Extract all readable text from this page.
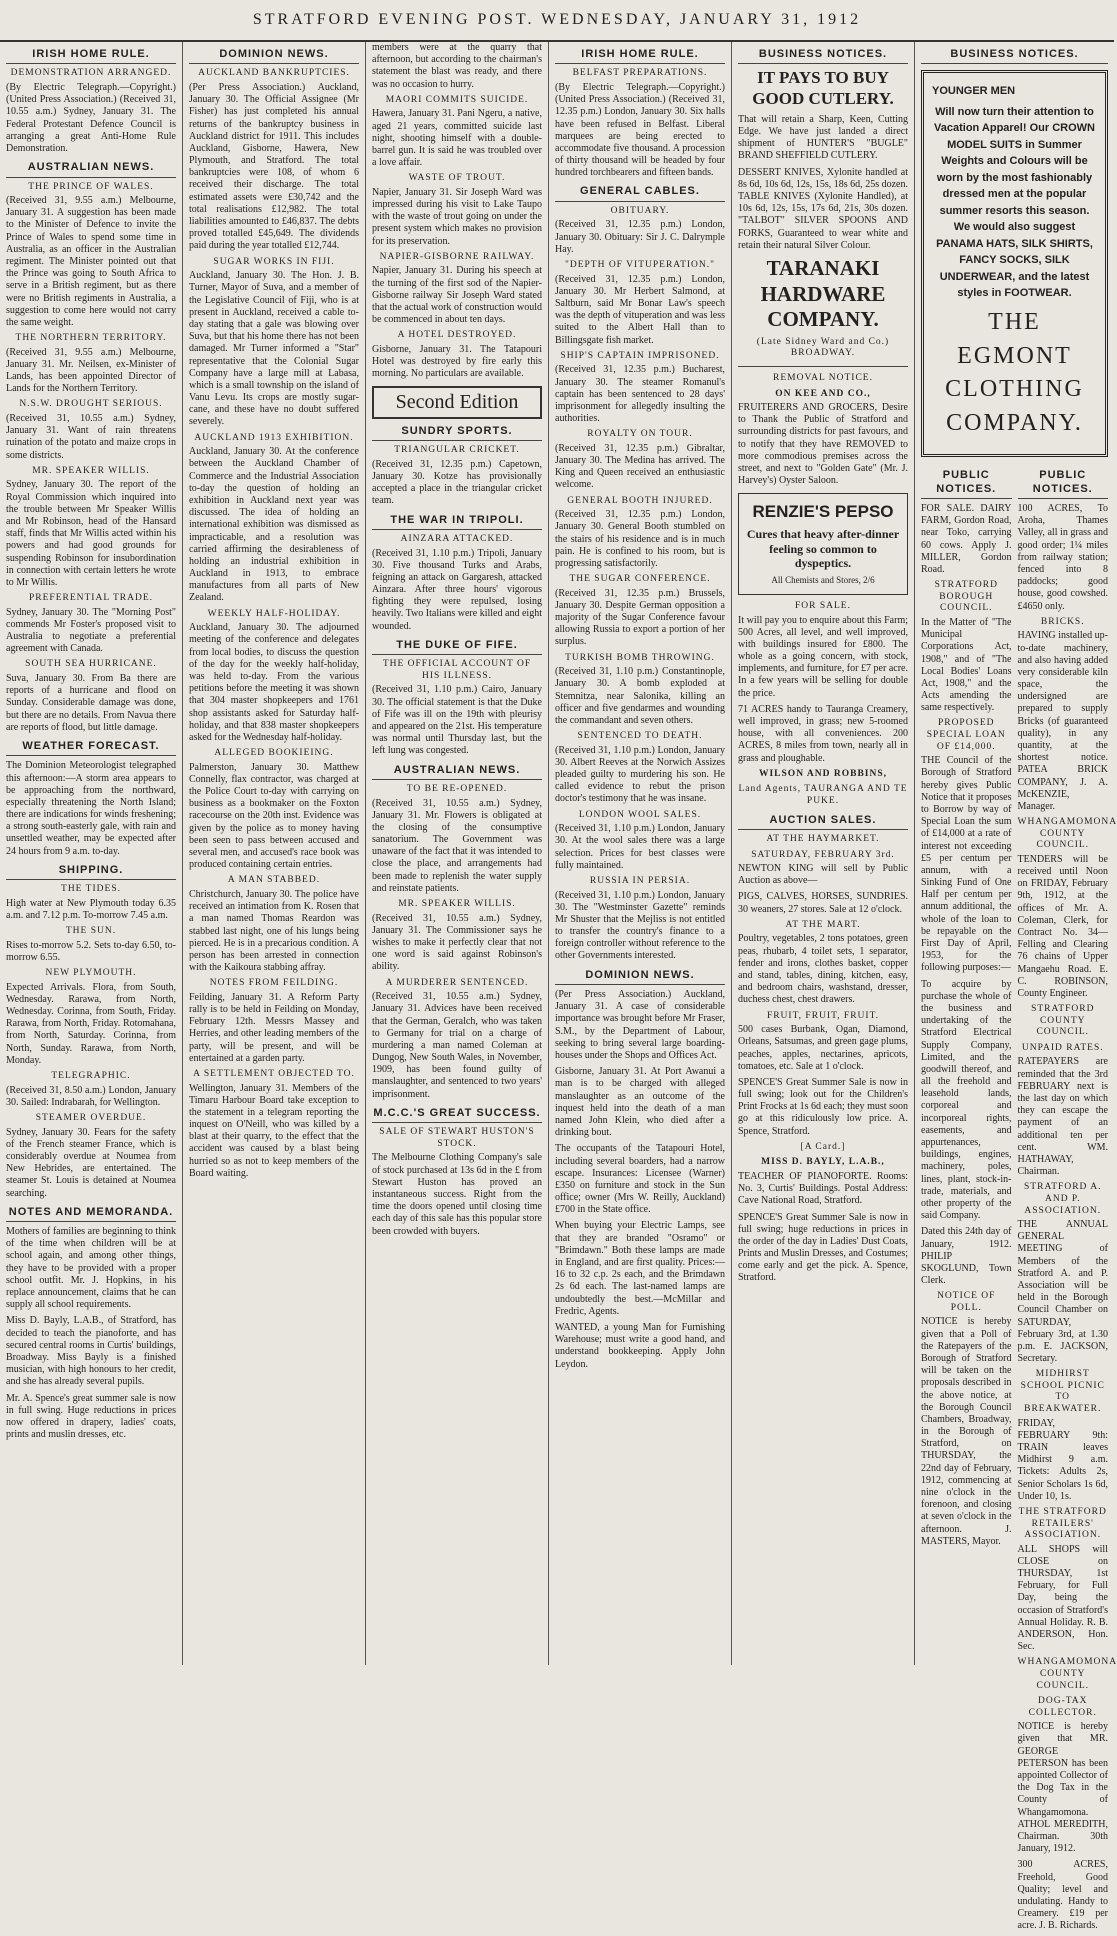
STRATFORD EVENING POST. WEDNESDAY, JANUARY 31, 1912
IRISH HOME RULE.
DEMONSTRATION ARRANGED.

(By Electric Telegraph.—Copyright.) (United Press Association.) (Received 31, 10.55 a.m.) Sydney, January 31. The Federal Protestant Defence Council is arranging a great Anti-Home Rule Demonstration.

AUSTRALIAN NEWS.
THE PRINCE OF WALES.

(Received 31, 9.55 a.m.) Melbourne, January 31. A suggestion has been made to the Minister of Defence to invite the Prince of Wales to spend some time in Australia, as an officer in the Australian regiment. The Minister pointed out that the Prince was going to South Africa to serve in a British regiment, but as there were no British regiments in Australia, a suggestion to come here would not carry the same weight.

THE NORTHERN TERRITORY.

(Received 31, 9.55 a.m.) Melbourne, January 31. Mr. Neilsen, ex-Minister of Lands, has been appointed Director of Lands for the Northern Territory.

N.S.W. DROUGHT SERIOUS.

(Received 31, 10.55 a.m.) Sydney, January 31. Want of rain threatens ruination of the potato and maize crops in some districts.

MR. SPEAKER WILLIS.

Sydney, January 30. The report of the Royal Commission which inquired into the trouble between Mr Speaker Willis and Mr Robinson, head of the Hansard staff, finds that Mr Willis acted within his powers and had good grounds for suspending Robinson for insubordination in connection with certain letters he wrote to Mr Willis.

PREFERENTIAL TRADE.

Sydney, January 30. The "Morning Post" commends Mr Foster's proposed visit to Australia to negotiate a preferential agreement with Canada.

SOUTH SEA HURRICANE.

Suva, January 30. From Ba there are reports of a hurricane and flood on Sunday. Considerable damage was done, but there are no details. From Navua there are reports of flood, but little damage.

WEATHER FORECAST.

The Dominion Meteorologist telegraphed this afternoon:—A storm area appears to be approaching from the northward, especially threatening the North Island; there are indications for winds freshening; a strong south-easterly gale, with rain and unsettled weather, may be expected after 24 hours from 9 a.m. to-day.

SHIPPING.
THE TIDES.

High water at New Plymouth today 6.35 a.m. and 7.12 p.m. To-morrow 7.45 a.m.

THE SUN.

Rises to-morrow 5.2. Sets to-day 6.50, to-morrow 6.55.

NEW PLYMOUTH.

Expected Arrivals. Flora, from South, Wednesday. Rarawa, from North, Wednesday. Corinna, from South, Friday. Rarawa, from North, Friday. Rotomahana, from North, Saturday. Corinna, from North, Sunday. Rarawa, from North, Monday.

TELEGRAPHIC.

(Received 31, 8.50 a.m.) London, January 30. Sailed: Indrabarah, for Wellington.

STEAMER OVERDUE.

Sydney, January 30. Fears for the safety of the French steamer France, which is considerably overdue at Noumea from New Hebrides, are entertained. The steamer St. Louis is detained at Noumea searching.

NOTES AND MEMORANDA.

Mothers of families are beginning to think of the time when children will be at school again, and among other things, they have to be provided with a proper school outfit. Mr. J. Hopkins, in his replace announcement, claims that he can supply all school requirements.

Miss D. Bayly, L.A.B., of Stratford, has decided to teach the pianoforte, and has secured central rooms in Curtis' buildings, Broadway. Miss Bayly is a finished musician, with high honours to her credit, and she has already several pupils.

Mr. A. Spence's great summer sale is now in full swing. Huge reductions in prices now offered in drapery, ladies' coats, prints and muslin dresses, etc.

DOMINION NEWS.
AUCKLAND BANKRUPTCIES.

(Per Press Association.) Auckland, January 30. The Official Assignee (Mr Fisher) has just completed his annual returns of the bankruptcy business in Auckland district for 1911. This includes Auckland, Gisborne, Hawera, New Plymouth, and Stratford. The total bankruptcies were 108, of whom 6 received their discharge. The total estimated assets were £30,742 and the total realisations £12,982. The total liabilities amounted to £46,837. The debts proved totalled £45,649. The dividends paid during the year totalled £12,744.

SUGAR WORKS IN FIJI.

Auckland, January 30. The Hon. J. B. Turner, Mayor of Suva, and a member of the Legislative Council of Fiji, who is at present in Auckland, received a cable to-day stating that a gale was blowing over Suva, but that his home there has not been damaged. Mr Turner informed a "Star" representative that the Colonial Sugar Company have a large mill at Labasa, which is a small township on the island of Vanu Levu. Its crops are mostly sugar-cane, and these have no doubt suffered severely.

AUCKLAND 1913 EXHIBITION.

Auckland, January 30. At the conference between the Auckland Chamber of Commerce and the Industrial Association to-day the question of holding an exhibition in Auckland next year was discussed. The idea of holding an international exhibition was dismissed as impracticable, and a resolution was carried affirming the desirableness of holding an industrial exhibition in Auckland in 1913, to embrace manufactures from all parts of New Zealand.

WEEKLY HALF-HOLIDAY.

Auckland, January 30. The adjourned meeting of the conference and delegates from local bodies, to discuss the question of the day for the weekly half-holiday, was held to-day. From the various petitions before the meeting it was shown that 304 master shopkeepers and 1761 shop assistants asked for Saturday half-holiday, and that 838 master shopkeepers asked for the Wednesday half-holiday.

ALLEGED BOOKIEING.

Palmerston, January 30. Matthew Connelly, flax contractor, was charged at the Police Court to-day with carrying on business as a bookmaker on the Foxton racecourse on the 20th inst. Evidence was given by the police as to money having been seen to pass between accused and several men, and accused's race book was produced containing certain entries.

A MAN STABBED.

Christchurch, January 30. The police have received an intimation from K. Rosen that a man named Thomas Reardon was stabbed last night, one of his lungs being pierced. He is in a precarious condition. A person has been arrested in connection with the Kaikoura stabbing affray.

NOTES FROM FEILDING.

Feilding, January 31. A Reform Party rally is to be held in Feilding on Monday, February 12th. Messrs Massey and Herries, and other leading members of the party, will be present, and will be entertained at a garden party.

A SETTLEMENT OBJECTED TO.

Wellington, January 31. Members of the Timaru Harbour Board take exception to the statement in a telegram reporting the inquest on O'Neill, who was killed by a blast at their quarry, to the effect that the accident was caused by a blast being hurried so as not to keep members of the Board waiting.

members were at the quarry that afternoon, but according to the chairman's statement the blast was ready, and there was no occasion to hurry.

MAORI COMMITS SUICIDE.

Hawera, January 31. Pani Ngeru, a native, aged 21 years, committed suicide last night, shooting himself with a double-barrel gun. It is said he was troubled over a love affair.

WASTE OF TROUT.

Napier, January 31. Sir Joseph Ward was impressed during his visit to Lake Taupo with the waste of trout going on under the present system which makes no provision for its preservation.

NAPIER-GISBORNE RAILWAY.

Napier, January 31. During his speech at the turning of the first sod of the Napier-Gisborne railway Sir Joseph Ward stated that the actual work of construction would be commenced in about ten days.

A HOTEL DESTROYED.

Gisborne, January 31. The Tatapouri Hotel was destroyed by fire early this morning. No particulars are available.

Second Edition
SUNDRY SPORTS.
TRIANGULAR CRICKET.

(Received 31, 12.35 p.m.) Capetown, January 30. Kotze has provisionally accepted a place in the triangular cricket team.

THE WAR IN TRIPOLI.
AINZARA ATTACKED.

(Received 31, 1.10 p.m.) Tripoli, January 30. Five thousand Turks and Arabs, feigning an attack on Gargaresh, attacked Ainzara. After three hours' vigorous fighting they were repulsed, losing heavily. Two Italians were killed and eight wounded.

THE DUKE OF FIFE.
THE OFFICIAL ACCOUNT OF HIS ILLNESS.

(Received 31, 1.10 p.m.) Cairo, January 30. The official statement is that the Duke of Fife was ill on the 19th with pleurisy and appeared on the 21st. His temperature was normal until Thursday last, but the left lung was congested.

AUSTRALIAN NEWS.
TO BE RE-OPENED.

(Received 31, 10.55 a.m.) Sydney, January 31. Mr. Flowers is obligated at the closing of the consumptive sanatorium. The Government was unaware of the fact that it was intended to close the place, and arrangements had been made to replenish the water supply and reinstate patients.

MR. SPEAKER WILLIS.

(Received 31, 10.55 a.m.) Sydney, January 31. The Commissioner says he wishes to make it perfectly clear that not one word is said against Robinson's ability.

A MURDERER SENTENCED.

(Received 31, 10.55 a.m.) Sydney, January 31. Advices have been received that the German, Geralch, who was taken to Germany for trial on a charge of murdering a man named Coleman at Dungog, New South Wales, in November, 1909, has been found guilty of manslaughter, and sentenced to two years' imprisonment.

M.C.C.'S GREAT SUCCESS.
SALE OF STEWART HUSTON'S STOCK.

The Melbourne Clothing Company's sale of stock purchased at 13s 6d in the £ from Stewart Huston has proved an instantaneous success. Right from the time the doors opened until closing time each day of this sale has this popular store been crowded with buyers.

IRISH HOME RULE.
BELFAST PREPARATIONS.

(By Electric Telegraph.—Copyright.) (United Press Association.) (Received 31, 12.35 p.m.) London, January 30. Six halls have been refused in Belfast. Liberal marquees are being erected to accommodate five thousand. A procession of thirty thousand will be headed by four hundred torchbearers and fifteen bands.

GENERAL CABLES.
OBITUARY.

(Received 31, 12.35 p.m.) London, January 30. Obituary: Sir J. C. Dalrymple Hay.

"DEPTH OF VITUPERATION."

(Received 31, 12.35 p.m.) London, January 30. Mr Herbert Salmond, at Saltburn, said Mr Bonar Law's speech was the depth of vituperation and was less suited to the Albert Hall than to Billingsgate fish market.

SHIP'S CAPTAIN IMPRISONED.

(Received 31, 12.35 p.m.) Bucharest, January 30. The steamer Romanul's captain has been sentenced to 28 days' imprisonment for allegedly insulting the authorities.

ROYALTY ON TOUR.

(Received 31, 12.35 p.m.) Gibraltar, January 30. The Medina has arrived. The King and Queen received an enthusiastic welcome.

GENERAL BOOTH INJURED.

(Received 31, 12.35 p.m.) London, January 30. General Booth stumbled on the stairs of his residence and is in much pain. He is confined to his room, but is progressing satisfactorily.

THE SUGAR CONFERENCE.

(Received 31, 12.35 p.m.) Brussels, January 30. Despite German opposition a majority of the Sugar Conference favour allowing Russia to export a portion of her surplus.

TURKISH BOMB THROWING.

(Received 31, 1.10 p.m.) Constantinople, January 30. A bomb exploded at Stemnitza, near Salonika, killing an officer and five gendarmes and wounding the commandant and seven others.

SENTENCED TO DEATH.

(Received 31, 1.10 p.m.) London, January 30. Albert Reeves at the Norwich Assizes pleaded guilty to murdering his son. He called evidence to rebut the prison doctor's testimony that he was insane.

LONDON WOOL SALES.

(Received 31, 1.10 p.m.) London, January 30. At the wool sales there was a large selection. Prices for best classes were fully maintained.

RUSSIA IN PERSIA.

(Received 31, 1.10 p.m.) London, January 30. The "Westminster Gazette" reminds Mr Shuster that the Mejliss is not entitled to transfer the country's finance to a foreign controller without reference to the other Governments interested.

DOMINION NEWS.

(Per Press Association.) Auckland, January 31. A case of considerable importance was brought before Mr Fraser, S.M., by the Department of Labour, seeking to bring several large boarding-houses under the Shops and Offices Act.

Gisborne, January 31. At Port Awanui a man is to be charged with alleged manslaughter as an outcome of the inquest held into the death of a man named John Klein, who died after a drinking bout.

The occupants of the Tatapouri Hotel, including several boarders, had a narrow escape. Insurances: Licensee (Warner) £350 on furniture and stock in the Sun office; owner (Mrs W. Reilly, Auckland) £700 in the State office.

When buying your Electric Lamps, see that they are branded "Osramo" or "Brimdawn." Both these lamps are made in England, and are first quality. Prices:—16 to 32 c.p. 2s each, and the Brimdawn 2s 6d each. The last-named lamps are undoubtedly the best.—McMillar and Fredric, Agents.

WANTED, a young Man for Furnishing Warehouse; must write a good hand, and understand bookkeeping. Apply John Leydon.

BUSINESS NOTICES.
IT PAYS TO BUY GOOD CUTLERY.

That will retain a Sharp, Keen, Cutting Edge. We have just landed a direct shipment of HUNTER'S "BUGLE" BRAND SHEFFIELD CUTLERY.

DESSERT KNIVES, Xylonite handled at 8s 6d, 10s 6d, 12s, 15s, 18s 6d, 25s dozen. TABLE KNIVES (Xylonite Handled), at 10s 6d, 12s, 15s, 17s 6d, 21s, 30s dozen. "TALBOT" SILVER SPOONS AND FORKS, Guaranteed to wear white and retain their natural Silver Colour.

TARANAKI HARDWARE COMPANY.
(Late Sidney Ward and Co.) BROADWAY.
REMOVAL NOTICE.
ON KEE AND CO.,

FRUITERERS AND GROCERS, Desire to Thank the Public of Stratford and surrounding districts for past favours, and to notify that they have REMOVED to more commodious premises across the street, and next to "Golden Gate" (Mr. J. Harvey's) Oyster Saloon.

RENZIE'S PEPSO

Cures that heavy after-dinner feeling so common to dyspeptics.

All Chemists and Stores, 2/6

FOR SALE.

It will pay you to enquire about this Farm; 500 Acres, all level, and well improved, with buildings insured for £800. The whole as a going concern, with stock, implements, and furniture, for £7 per acre. In a few years will be selling for double the price.

71 ACRES handy to Tauranga Creamery, well improved, in grass; new 5-roomed house, with all conveniences. 200 ACRES, 8 miles from town, nearly all in grass and ploughable.

WILSON AND ROBBINS,
Land Agents, TAURANGA AND TE PUKE.
AUCTION SALES.
AT THE HAYMARKET.
SATURDAY, FEBRUARY 3rd.

NEWTON KING will sell by Public Auction as above—

PIGS, CALVES, HORSES, SUNDRIES. 30 weaners, 27 stores. Sale at 12 o'clock.

AT THE MART.

Poultry, vegetables, 2 tons potatoes, green peas, rhubarb, 4 toilet sets, 1 separator, fender and irons, clothes basket, copper and stand, tables, dining, kitchen, easy, and bedroom chairs, washstand, dresser, duchess chest, chest drawers.

FRUIT, FRUIT, FRUIT.

500 cases Burbank, Ogan, Diamond, Orleans, Satsumas, and green gage plums, peaches, apples, nectarines, apricots, tomatoes, etc. Sale at 1 o'clock.

SPENCE'S Great Summer Sale is now in full swing; look out for the Children's Print Frocks at 1s 6d each; they must soon go at this ridiculously low price. A. Spence, Stratford.

[A Card.]
MISS D. BAYLY, L.A.B.,

TEACHER OF PIANOFORTE. Rooms: No. 3, Curtis' Buildings. Postal Address: Cave National Road, Stratford.

SPENCE'S Great Summer Sale is now in full swing; huge reductions in prices in the order of the day in Ladies' Dust Coats, Prints and Muslin Dresses, and Costumes; come early and get the pick. A. Spence, Stratford.

BUSINESS NOTICES.

YOUNGER MEN

Will now turn their attention to Vacation Apparel! Our CROWN MODEL SUITS in Summer Weights and Colours will be worn by the most fashionably dressed men at the popular summer resorts this season. We would also suggest PANAMA HATS, SILK SHIRTS, FANCY SOCKS, SILK UNDERWEAR, and the latest styles in FOOTWEAR.

THE EGMONT CLOTHING COMPANY.

PUBLIC NOTICES.

FOR SALE. DAIRY FARM, Gordon Road, near Toko, carrying 60 cows. Apply J. MILLER, Gordon Road.

STRATFORD BOROUGH COUNCIL.

In the Matter of "The Municipal Corporations Act, 1908," and of "The Local Bodies' Loans Act, 1908," and the Acts amending the same respectively.

PROPOSED SPECIAL LOAN OF £14,000.

THE Council of the Borough of Stratford hereby gives Public Notice that it proposes to Borrow by way of Special Loan the sum of £14,000 at a rate of interest not exceeding £5 per centum per annum, with a Sinking Fund of One Half per centum per annum additional, the whole of the loan to be repayable on the First Day of April, 1953, for the following purposes:—

To acquire by purchase the whole of the business and undertaking of the Stratford Electrical Supply Company, Limited, and the goodwill thereof, and all the freehold and leasehold lands, corporeal and incorporeal rights, easements, and appurtenances, buildings, engines, machinery, poles, lines, plant, stock-in-trade, materials, and other property of the said Company.

Dated this 24th day of January, 1912. PHILIP SKOGLUND, Town Clerk.

NOTICE OF POLL.

NOTICE is hereby given that a Poll of the Ratepayers of the Borough of Stratford will be taken on the proposals described in the above notice, at the Borough Council Chambers, Broadway, in the Borough of Stratford, on THURSDAY, the 22nd day of February, 1912, commencing at nine o'clock in the forenoon, and closing at seven o'clock in the afternoon. J. MASTERS, Mayor.

PUBLIC NOTICES.

100 ACRES, To Aroha, Thames Valley, all in grass and good order; 1¼ miles from railway station; fenced into 8 paddocks; good house, good cowshed. £4650 only.

BRICKS.

HAVING installed up-to-date machinery, and also having added very considerable kiln space, the undersigned are prepared to supply Bricks (of guaranteed quality), in any quantity, at the shortest notice. PATEA BRICK COMPANY, J. A. McKENZIE, Manager.

WHANGAMOMONA COUNTY COUNCIL.

TENDERS will be received until Noon on FRIDAY, February 9th, 1912, at the offices of Mr. A. Coleman, Clerk, for Contract No. 34—Felling and Clearing 76 chains of Upper Mangaehu Road. E. C. ROBINSON, County Engineer.

STRATFORD COUNTY COUNCIL.
UNPAID RATES.

RATEPAYERS are reminded that the 3rd FEBRUARY next is the last day on which they can escape the payment of an additional ten per cent. WM. HATHAWAY, Chairman.

STRATFORD A. AND P. ASSOCIATION.

THE ANNUAL GENERAL MEETING of Members of the Stratford A. and P. Association will be held in the Borough Council Chamber on SATURDAY, February 3rd, at 1.30 p.m. E. JACKSON, Secretary.

MIDHIRST SCHOOL PICNIC TO BREAKWATER.

FRIDAY, FEBRUARY 9th: TRAIN leaves Midhirst 9 a.m. Tickets: Adults 2s, Senior Scholars 1s 6d, Under 10, 1s.

THE STRATFORD RETAILERS' ASSOCIATION.

ALL SHOPS will CLOSE on THURSDAY, 1st February, for Full Day, being the occasion of Stratford's Annual Holiday. R. B. ANDERSON, Hon. Sec.

WHANGAMOMONA COUNTY COUNCIL.
DOG-TAX COLLECTOR.

NOTICE is hereby given that MR. GEORGE PETERSON has been appointed Collector of the Dog Tax in the County of Whangamomona. ATHOL MEREDITH, Chairman. 30th January, 1912.

300 ACRES, Freehold, Good Quality; level and undulating. Handy to Creamery. £19 per acre. J. B. Richards.
